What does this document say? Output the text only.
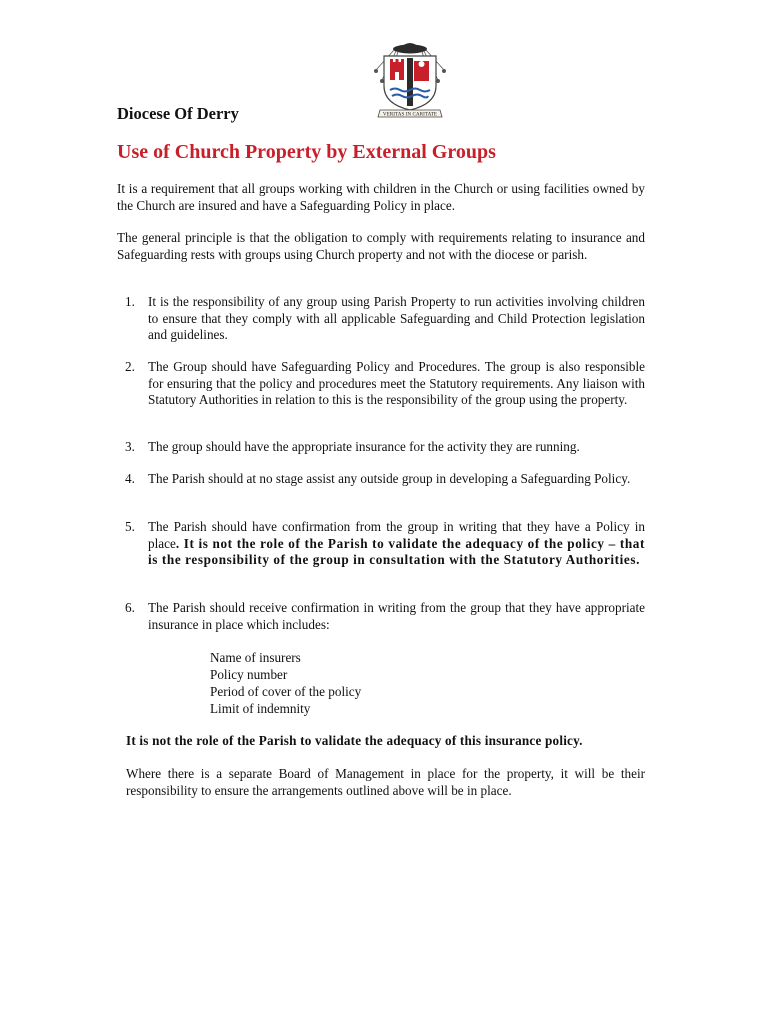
VERITAS IN CARITATE
Diocese Of Derry
Use of Church Property by External Groups

It is a requirement that all groups working with children in the Church or using facilities owned by the Church are insured and have a Safeguarding Policy in place.

The general principle is that the obligation to comply with requirements relating to insurance and Safeguarding rests with groups using Church property and not with the diocese or parish.

1. It is the responsibility of any group using Parish Property to run activities involving children to ensure that they comply with all applicable Safeguarding and Child Protection legislation and guidelines.
2. The Group should have Safeguarding Policy and Procedures. The group is also responsible for ensuring that the policy and procedures meet the Statutory requirements. Any liaison with Statutory Authorities in relation to this is the responsibility of the group using the property.
3. The group should have the appropriate insurance for the activity they are running.
4. The Parish should at no stage assist any outside group in developing a Safeguarding Policy.
5. The Parish should have confirmation from the group in writing that they have a Policy in place. It is not the role of the Parish to validate the adequacy of the policy – that is the responsibility of the group in consultation with the Statutory Authorities.
6. The Parish should receive confirmation in writing from the group that they have appropriate insurance in place which includes:
Name of insurers
Policy number
Period of cover of the policy
Limit of indemnity

It is not the role of the Parish to validate the adequacy of this insurance policy.

Where there is a separate Board of Management in place for the property, it will be their responsibility to ensure the arrangements outlined above will be in place.
